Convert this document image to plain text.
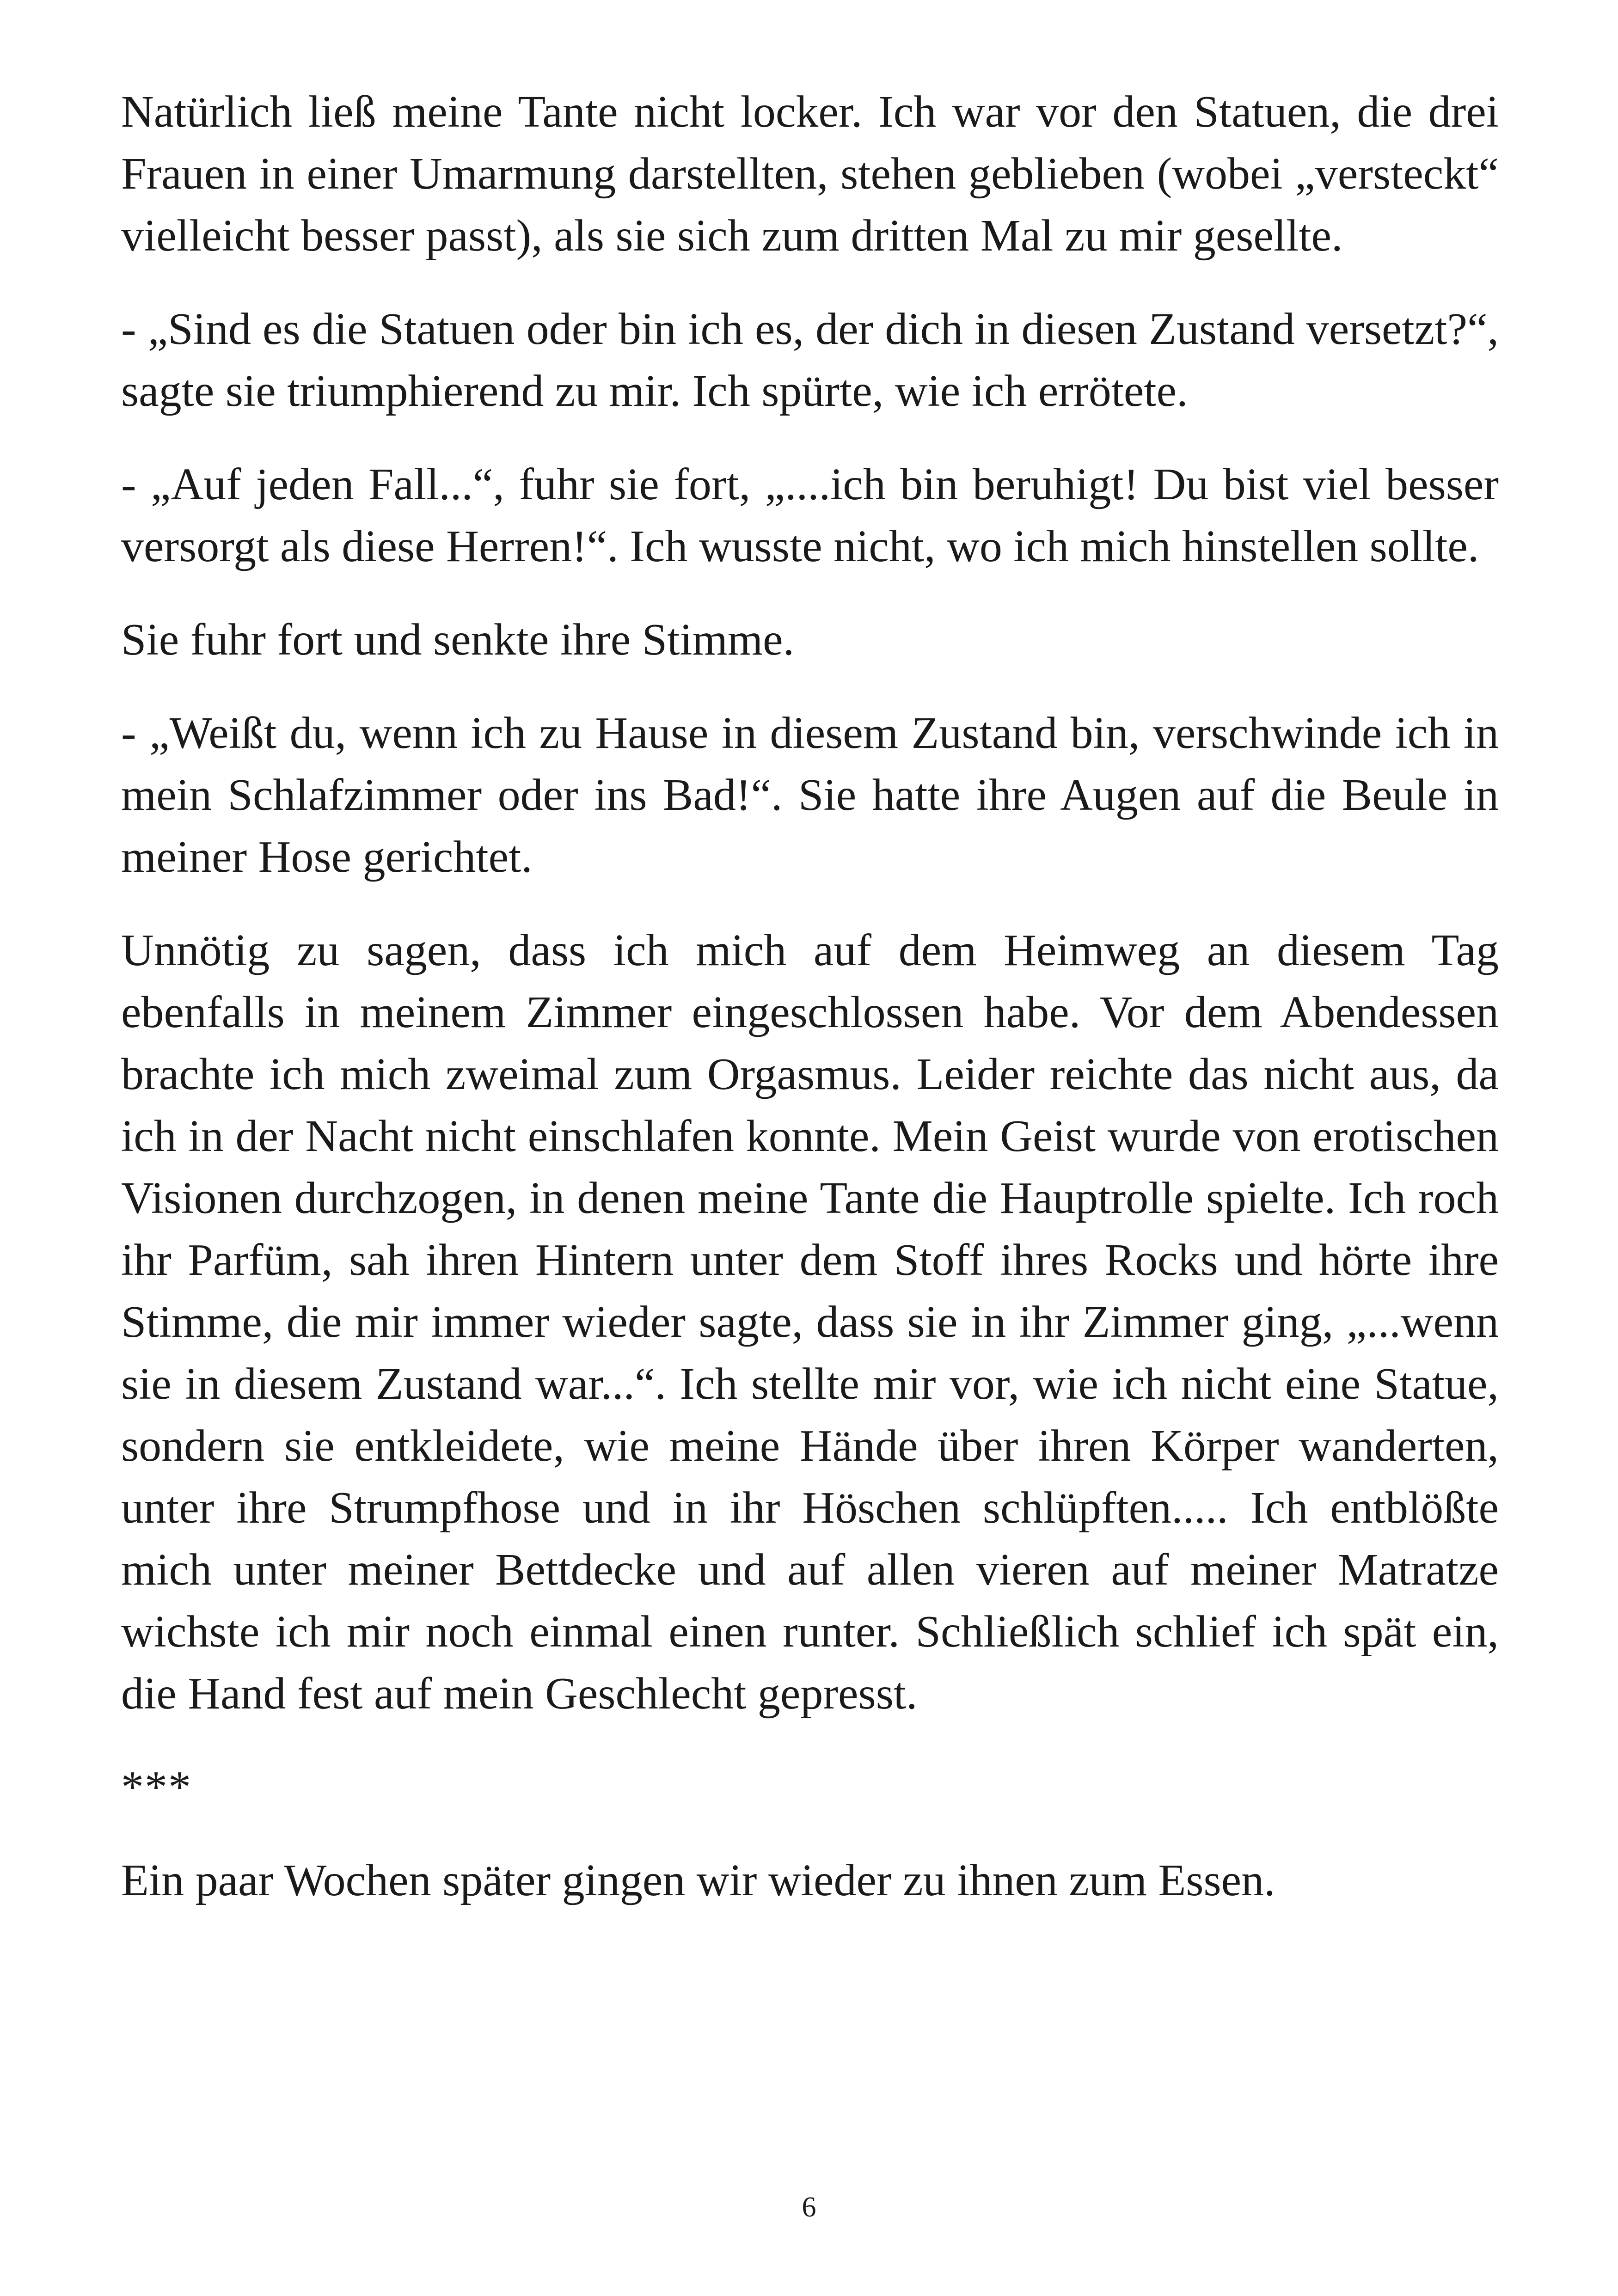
Natürlich ließ meine Tante nicht locker. Ich war vor den Statuen, die drei Frauen in einer Umarmung darstellten, stehen geblieben (wobei „versteckt“ vielleicht besser passt), als sie sich zum dritten Mal zu mir gesellte.

- „Sind es die Statuen oder bin ich es, der dich in diesen Zustand versetzt?“, sagte sie triumphierend zu mir. Ich spürte, wie ich errötete.

- „Auf jeden Fall...“, fuhr sie fort, „....ich bin beruhigt! Du bist viel besser versorgt als diese Herren!“. Ich wusste nicht, wo ich mich hinstellen sollte.

Sie fuhr fort und senkte ihre Stimme.

- „Weißt du, wenn ich zu Hause in diesem Zustand bin, verschwinde ich in mein Schlafzimmer oder ins Bad!“. Sie hatte ihre Augen auf die Beule in meiner Hose gerichtet.

Unnötig zu sagen, dass ich mich auf dem Heimweg an diesem Tag ebenfalls in meinem Zimmer eingeschlossen habe. Vor dem Abendessen brachte ich mich zweimal zum Orgasmus. Leider reichte das nicht aus, da ich in der Nacht nicht einschlafen konnte. Mein Geist wurde von erotischen Visionen durchzogen, in denen meine Tante die Hauptrolle spielte. Ich roch ihr Parfüm, sah ihren Hintern unter dem Stoff ihres Rocks und hörte ihre Stimme, die mir immer wieder sagte, dass sie in ihr Zimmer ging, „...wenn sie in diesem Zustand war...“. Ich stellte mir vor, wie ich nicht eine Statue, sondern sie entkleidete, wie meine Hände über ihren Körper wanderten, unter ihre Strumpfhose und in ihr Höschen schlüpften..... Ich entblößte mich unter meiner Bettdecke und auf allen vieren auf meiner Matratze wichste ich mir noch einmal einen runter. Schließlich schlief ich spät ein, die Hand fest auf mein Geschlecht gepresst.

***

Ein paar Wochen später gingen wir wieder zu ihnen zum Essen.

6
